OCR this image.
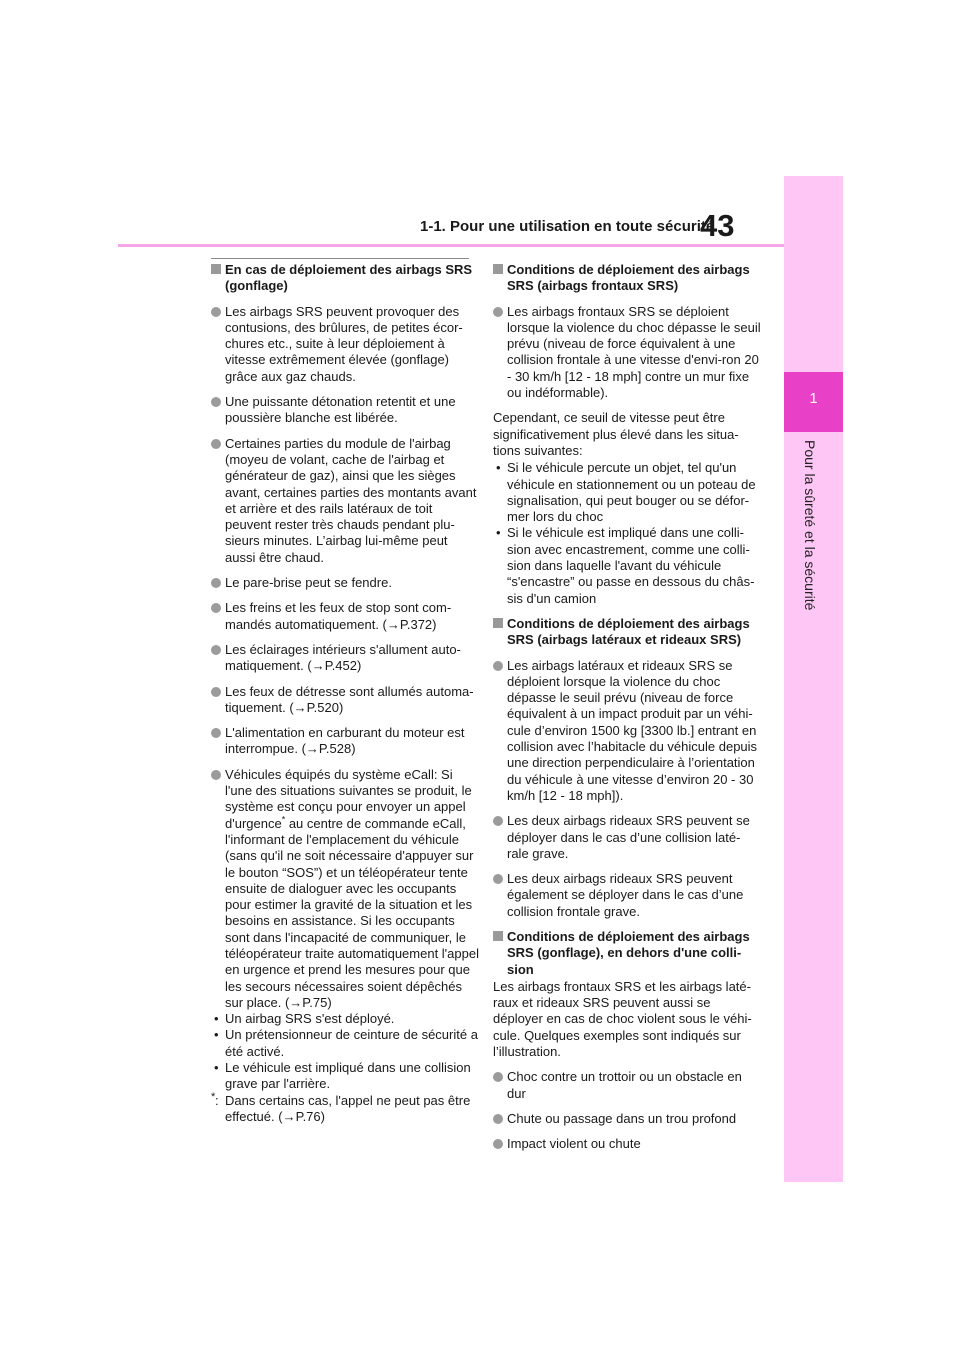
1
Pour la sûreté et la sécurité
1-1. Pour une utilisation en toute sécurité
43
En cas de déploiement des airbags SRS (gonflage)
Les airbags SRS peuvent provoquer des contusions, des brûlures, de petites écor-chures etc., suite à leur déploiement à vitesse extrêmement élevée (gonflage) grâce aux gaz chauds.
Une puissante détonation retentit et une poussière blanche est libérée.
Certaines parties du module de l'airbag (moyeu de volant, cache de l'airbag et générateur de gaz), ainsi que les sièges avant, certaines parties des montants avant et arrière et des rails latéraux de toit peuvent rester très chauds pendant plu-sieurs minutes. L’airbag lui-même peut aussi être chaud.
Le pare-brise peut se fendre.
Les freins et les feux de stop sont com-mandés automatiquement. (→P.372)
Les éclairages intérieurs s'allument auto-matiquement. (→P.452)
Les feux de détresse sont allumés automa-tiquement. (→P.520)
L'alimentation en carburant du moteur est interrompue. (→P.528)
Véhicules équipés du système eCall: Si l'une des situations suivantes se produit, le système est conçu pour envoyer un appel d'urgence* au centre de commande eCall, l'informant de l'emplacement du véhicule (sans qu'il ne soit nécessaire d'appuyer sur le bouton “SOS”) et un téléopérateur tente ensuite de dialoguer avec les occupants pour estimer la gravité de la situation et les besoins en assistance. Si les occupants sont dans l'incapacité de communiquer, le téléopérateur traite automatiquement l'appel en urgence et prend les mesures pour que les secours nécessaires soient dépêchés sur place. (→P.75)
• Un airbag SRS s'est déployé.
• Un prétensionneur de ceinture de sécurité a été activé.
• Le véhicule est impliqué dans une collision grave par l'arrière.
* : Dans certains cas, l'appel ne peut pas être effectué. (→P.76)
Conditions de déploiement des airbags SRS (airbags frontaux SRS)
Les airbags frontaux SRS se déploient lorsque la violence du choc dépasse le seuil prévu (niveau de force équivalent à une collision frontale à une vitesse d'envi-ron 20 - 30 km/h [12 - 18 mph] contre un mur fixe ou indéformable).
Cependant, ce seuil de vitesse peut être significativement plus élevé dans les situa-tions suivantes:
• Si le véhicule percute un objet, tel qu'un véhicule en stationnement ou un poteau de signalisation, qui peut bouger ou se défor-mer lors du choc
• Si le véhicule est impliqué dans une colli-sion avec encastrement, comme une colli-sion dans laquelle l'avant du véhicule “s'encastre” ou passe en dessous du châs-sis d'un camion
Conditions de déploiement des airbags SRS (airbags latéraux et rideaux SRS)
Les airbags latéraux et rideaux SRS se déploient lorsque la violence du choc dépasse le seuil prévu (niveau de force équivalent à un impact produit par un véhi-cule d’environ 1500 kg [3300 lb.] entrant en collision avec l’habitacle du véhicule depuis une direction perpendiculaire à l’orientation du véhicule à une vitesse d’environ 20 - 30 km/h [12 - 18 mph]).
Les deux airbags rideaux SRS peuvent se déployer dans le cas d’une collision laté-rale grave.
Les deux airbags rideaux SRS peuvent également se déployer dans le cas d’une collision frontale grave.
Conditions de déploiement des airbags SRS (gonflage), en dehors d'une colli-sion
Les airbags frontaux SRS et les airbags laté-raux et rideaux SRS peuvent aussi se déployer en cas de choc violent sous le véhi-cule. Quelques exemples sont indiqués sur l’illustration.
Choc contre un trottoir ou un obstacle en dur
Chute ou passage dans un trou profond
Impact violent ou chute
